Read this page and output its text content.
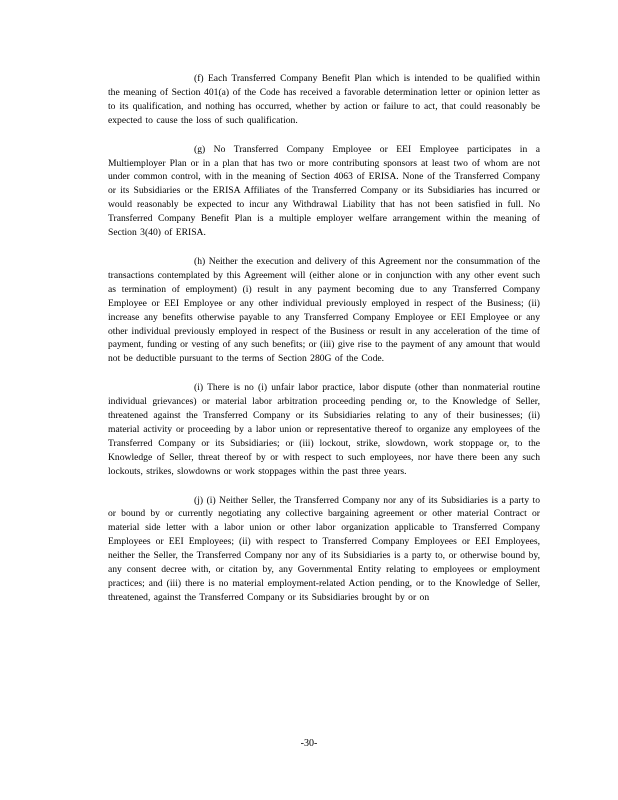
(f) Each Transferred Company Benefit Plan which is intended to be qualified within the meaning of Section 401(a) of the Code has received a favorable determination letter or opinion letter as to its qualification, and nothing has occurred, whether by action or failure to act, that could reasonably be expected to cause the loss of such qualification.

(g) No Transferred Company Employee or EEI Employee participates in a Multiemployer Plan or in a plan that has two or more contributing sponsors at least two of whom are not under common control, with in the meaning of Section 4063 of ERISA. None of the Transferred Company or its Subsidiaries or the ERISA Affiliates of the Transferred Company or its Subsidiaries has incurred or would reasonably be expected to incur any Withdrawal Liability that has not been satisfied in full. No Transferred Company Benefit Plan is a multiple employer welfare arrangement within the meaning of Section 3(40) of ERISA.

(h) Neither the execution and delivery of this Agreement nor the consummation of the transactions contemplated by this Agreement will (either alone or in conjunction with any other event such as termination of employment) (i) result in any payment becoming due to any Transferred Company Employee or EEI Employee or any other individual previously employed in respect of the Business; (ii) increase any benefits otherwise payable to any Transferred Company Employee or EEI Employee or any other individual previously employed in respect of the Business or result in any acceleration of the time of payment, funding or vesting of any such benefits; or (iii) give rise to the payment of any amount that would not be deductible pursuant to the terms of Section 280G of the Code.

(i) There is no (i) unfair labor practice, labor dispute (other than nonmaterial routine individual grievances) or material labor arbitration proceeding pending or, to the Knowledge of Seller, threatened against the Transferred Company or its Subsidiaries relating to any of their businesses; (ii) material activity or proceeding by a labor union or representative thereof to organize any employees of the Transferred Company or its Subsidiaries; or (iii) lockout, strike, slowdown, work stoppage or, to the Knowledge of Seller, threat thereof by or with respect to such employees, nor have there been any such lockouts, strikes, slowdowns or work stoppages within the past three years.

(j) (i) Neither Seller, the Transferred Company nor any of its Subsidiaries is a party to or bound by or currently negotiating any collective bargaining agreement or other material Contract or material side letter with a labor union or other labor organization applicable to Transferred Company Employees or EEI Employees; (ii) with respect to Transferred Company Employees or EEI Employees, neither the Seller, the Transferred Company nor any of its Subsidiaries is a party to, or otherwise bound by, any consent decree with, or citation by, any Governmental Entity relating to employees or employment practices; and (iii) there is no material employment-related Action pending, or to the Knowledge of Seller, threatened, against the Transferred Company or its Subsidiaries brought by or on

-30-
